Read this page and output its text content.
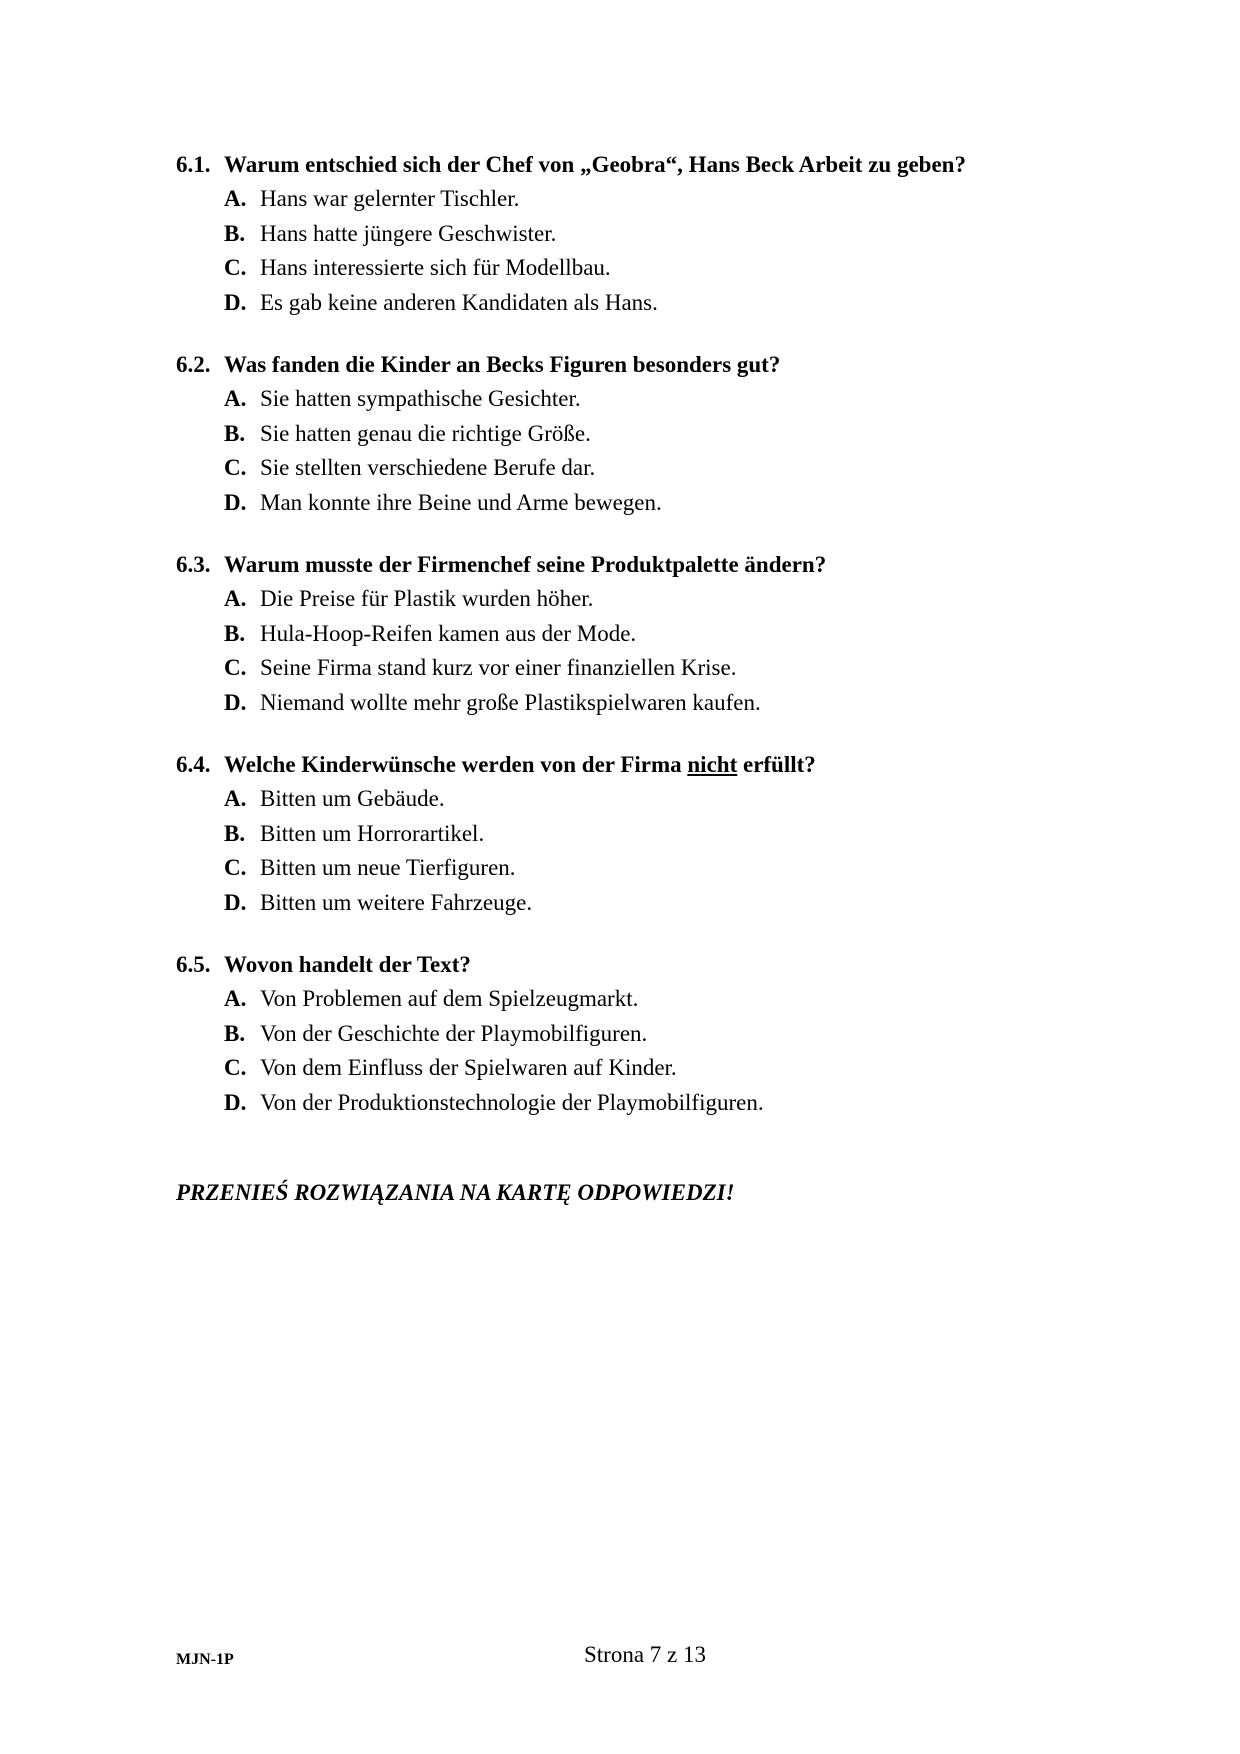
6.1. Warum entschied sich der Chef von „Geobra“, Hans Beck Arbeit zu geben?
A. Hans war gelernter Tischler.
B. Hans hatte jüngere Geschwister.
C. Hans interessierte sich für Modellbau.
D. Es gab keine anderen Kandidaten als Hans.
6.2. Was fanden die Kinder an Becks Figuren besonders gut?
A. Sie hatten sympathische Gesichter.
B. Sie hatten genau die richtige Größe.
C. Sie stellten verschiedene Berufe dar.
D. Man konnte ihre Beine und Arme bewegen.
6.3. Warum musste der Firmenchef seine Produktpalette ändern?
A. Die Preise für Plastik wurden höher.
B. Hula-Hoop-Reifen kamen aus der Mode.
C. Seine Firma stand kurz vor einer finanziellen Krise.
D. Niemand wollte mehr große Plastikspielwaren kaufen.
6.4. Welche Kinderwünsche werden von der Firma nicht erfüllt?
A. Bitten um Gebäude.
B. Bitten um Horrorartikel.
C. Bitten um neue Tierfiguren.
D. Bitten um weitere Fahrzeuge.
6.5. Wovon handelt der Text?
A. Von Problemen auf dem Spielzeugmarkt.
B. Von der Geschichte der Playmobilfiguren.
C. Von dem Einfluss der Spielwaren auf Kinder.
D. Von der Produktionstechnologie der Playmobilfiguren.
PRZENIEŚ ROZWIĄZANIA NA KARTĘ ODPOWIEDZI!
MJN-1P	Strona 7 z 13
